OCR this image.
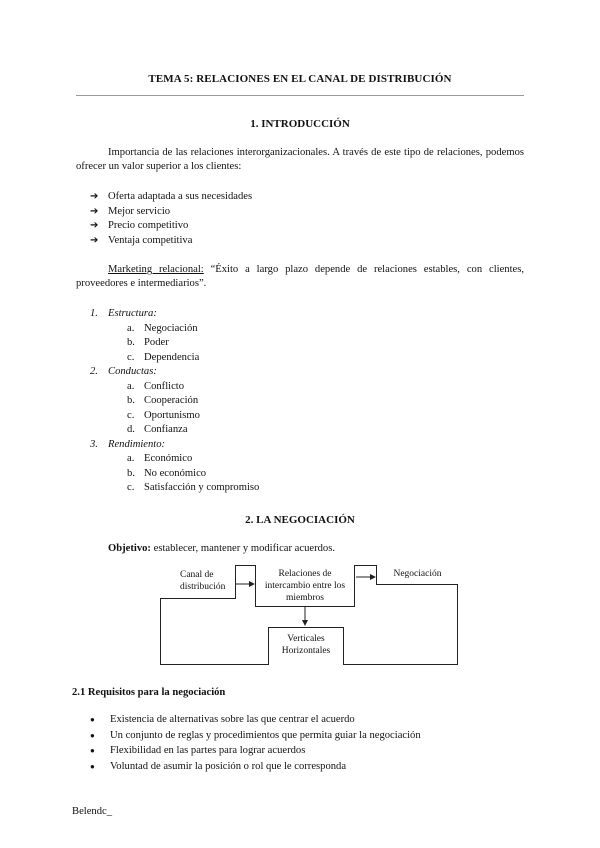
TEMA 5: RELACIONES EN EL CANAL DE DISTRIBUCIÓN
1. INTRODUCCIÓN
Importancia de las relaciones interorganizacionales. A través de este tipo de relaciones, podemos ofrecer un valor superior a los clientes:
➔ Oferta adaptada a sus necesidades
➔ Mejor servicio
➔ Precio competitivo
➔ Ventaja competitiva
Marketing relacional: “Éxito a largo plazo depende de relaciones estables, con clientes, proveedores e intermediarios”.
1. Estructura:
a. Negociación
b. Poder
c. Dependencia
2. Conductas:
a. Conflicto
b. Cooperación
c. Oportunismo
d. Confianza
3. Rendimiento:
a. Económico
b. No económico
c. Satisfacción y compromiso
2. LA NEGOCIACIÓN
Objetivo: establecer, mantener y modificar acuerdos.
Canal de distribución
Relaciones de intercambio entre los miembros
Negociación
Verticales
Horizontales
2.1 Requisitos para la negociación
● Existencia de alternativas sobre las que centrar el acuerdo
● Un conjunto de reglas y procedimientos que permita guiar la negociación
● Flexibilidad en las partes para lograr acuerdos
● Voluntad de asumir la posición o rol que le corresponda
Belendc_
